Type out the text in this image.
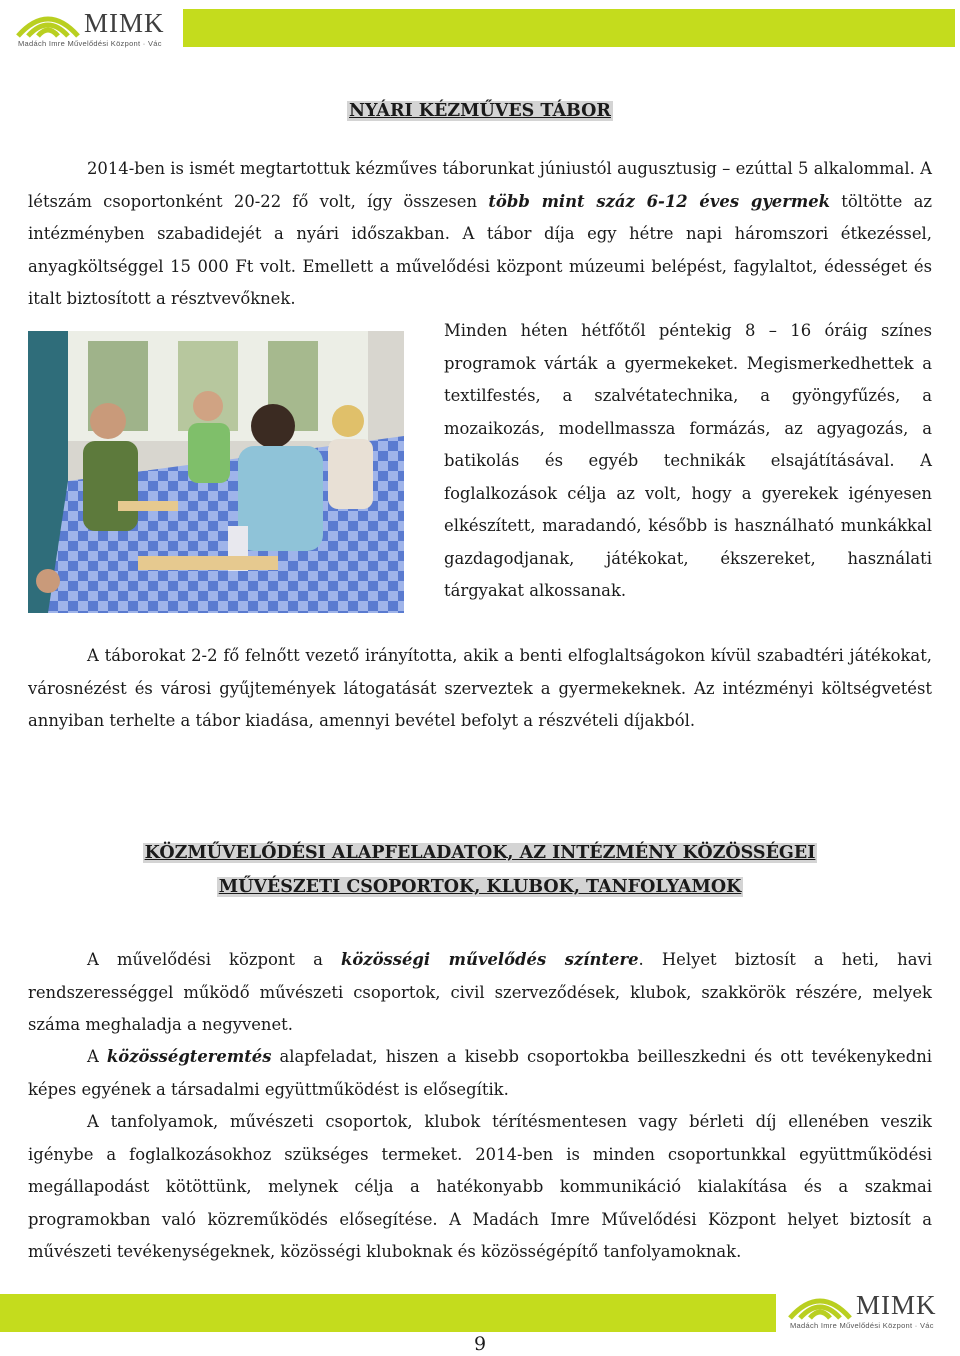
MIMK
Madách Imre Művelődési Központ · Vác
NYÁRI KÉZMŰVES TÁBOR

2014-ben is ismét megtartottuk kézműves táborunkat júniustól augusztusig – ezúttal 5 alkalommal. A létszám csoportonként 20-22 fő volt, így összesen több mint száz 6-12 éves gyermek töltötte az intézményben szabadidejét a nyári időszakban. A tábor díja egy hétre napi háromszori étkezéssel, anyagköltséggel 15 000 Ft volt. Emellett a művelődési központ múzeumi belépést, fagylaltot, édességet és italt biztosított a résztvevőknek.

Minden héten hétfőtől péntekig 8 – 16 óráig színes programok várták a gyermekeket. Megismerkedhettek a textilfestés, a szalvétatechnika, a gyöngyfűzés, a mozaikozás, modellmassza formázás, az agyagozás, a batikolás és egyéb technikák elsajátításával. A foglalkozások célja az volt, hogy a gyerekek igényesen elkészített, maradandó, később is használható munkákkal gazdagodjanak, játékokat, ékszereket, használati tárgyakat alkossanak.

A táborokat 2-2 fő felnőtt vezető irányította, akik a benti elfoglaltságokon kívül szabadtéri játékokat, városnézést és városi gyűjtemények látogatását szerveztek a gyermekeknek. Az intézményi költségvetést annyiban terhelte a tábor kiadása, amennyi bevétel befolyt a részvételi díjakból.

KÖZMŰVELŐDÉSI ALAPFELADATOK, AZ INTÉZMÉNY KÖZÖSSÉGEI
MŰVÉSZETI CSOPORTOK, KLUBOK, TANFOLYAMOK

A művelődési központ a közösségi művelődés színtere. Helyet biztosít a heti, havi rendszerességgel működő művészeti csoportok, civil szerveződések, klubok, szakkörök részére, melyek száma meghaladja a negyvenet.

A közösségteremtés alapfeladat, hiszen a kisebb csoportokba beilleszkedni és ott tevékenykedni képes egyének a társadalmi együttműködést is elősegítik.

A tanfolyamok, művészeti csoportok, klubok térítésmentesen vagy bérleti díj ellenében veszik igénybe a foglalkozásokhoz szükséges termeket. 2014-ben is minden csoportunkkal együttműködési megállapodást kötöttünk, melynek célja a hatékonyabb kommunikáció kialakítása és a szakmai programokban való közreműködés elősegítése. A Madách Imre Művelődési Központ helyet biztosít a művészeti tevékenységeknek, közösségi kluboknak és közösségépítő tanfolyamoknak.

MIMK
Madách Imre Művelődési Központ · Vác
9
